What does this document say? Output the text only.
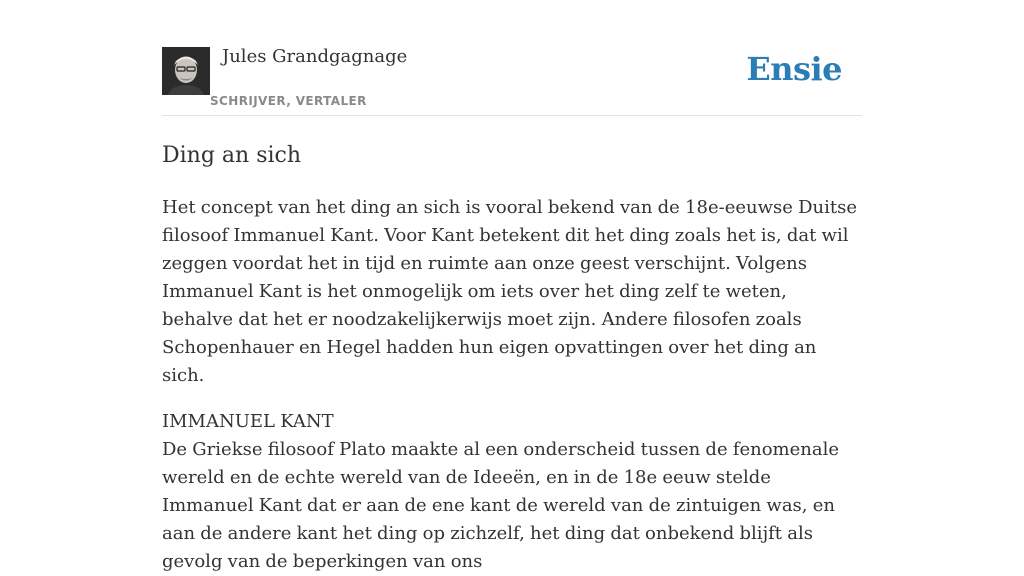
Jules Grandgagnage
SCHRIJVER, VERTALER
Ensie
Ding an sich

Het concept van het ding an sich is vooral bekend van de 18e-eeuwse Duitse filosoof Immanuel Kant. Voor Kant betekent dit het ding zoals het is, dat wil zeggen voordat het in tijd en ruimte aan onze geest verschijnt. Volgens Immanuel Kant is het onmogelijk om iets over het ding zelf te weten, behalve dat het er noodzakelijkerwijs moet zijn. Andere filosofen zoals Schopenhauer en Hegel hadden hun eigen opvattingen over het ding an sich.

IMMANUEL KANT

De Griekse filosoof Plato maakte al een onderscheid tussen de fenomenale wereld en de echte wereld van de Ideeën, en in de 18e eeuw stelde Immanuel Kant dat er aan de ene kant de wereld van de zintuigen was, en aan de andere kant het ding op zichzelf, het ding dat onbekend blijft als gevolg van de beperkingen van ons
